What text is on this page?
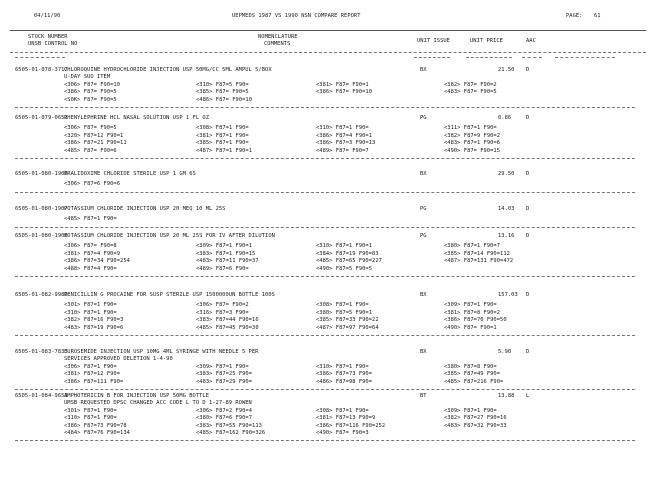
04/11/90	UEPMEDS 1987 VS 1990 NSN COMPARE REPORT	PAGE: 61
STOCK NUMBER
UNSB CONTROL NO
NOMENCLATURE
COMMENTS	UNIT ISSUE	UNIT PRICE	AAC
6505-01-078-3717
CHLOROQUINE HYDROCHLORIDE INJECTION USP 50MG/CC 5ML AMPUL 5/BOX	BX	21.50 D
U-DAY SUO ITEM
<306> F87= F90=10	<310> F87=5 F90=	<381> F87= F90=1	<382> F87= F90=2
<386> F87= F90=5	<385> F87= F90=5	<386> F87= F90=10	<483> F87= F90=5
<S0K> F87= F90=5	<486> F87= F90=10
6505-01-079-0651
PHENYLEPHRINE HCL NASAL SOLUTION USP 1 FL OZ	PG	0.86	D
<306> F87= F90=5	<308> F87=1 F90=	<310> F87=1 F90=	<311> F87=1 F90=
<320> F87=12 F90=1	<381> F87=1 F90=	<386> F87=4 F90=1	<382> F87=9 F90=2
<386> F87=21 F90=11	<385> F87=1 F90=	<386> F87=3 F90=13	<483> F87=1 F90=6
<485> F87= F90=6	<487> F87=1 F90=1	<489> F87= F90=7	<490> F87= F90=15
6505-01-080-1906
PRALIDOXIME CHLORIDE STERILE USP 1 GM 6S	BX	29.50 D
<306> F87=6 F90=6
6505-01-080-1907
POTASSIUM CHLORIDE INJECTION USP 20 MEQ 10 ML 25S	PG	14.03 D
<485> F87=1 F90=
6505-01-080-1908
POTASSIUM CHLORIDE INJECTION USP 20 ML 25S FOR IV AFTER DILUTION	PG	13.16 D
<306> F87= F90=8	<309> F87=1 F90=1	<310> F87=1 F90=1	<380> F87=1 F90=7
<381> F87=4 F90=9	<383> F87=1 F90=15	<384> F87=19 F90=83	<385> F87=14 F90=112
<386> F87=34 F90=254	<483> F87=11 F90=37	<485> F87=65 F90=227	<487> F87=131 F90=472
<488> F87=4 F90=	<489> F87=6 F90=	<490> F87=5 F90=5
6505-01-082-9980
PENICILLIN G PROCAINE FOR SUSP STERILE USP 1500000UN BOTTLE 100S	BX	157.03 D
<301> F87=1 F90=	<306> F87= F90=2	<308> F87=1 F90=	<309> F87=1 F90=
<310> F87=1 F90=	<316> F87=3 F90=	<380> F87=5 F90=1	<381> F87=8 F90=2
<382> F87=16 F90=3	<383> F87=44 F90=16	<385> F87=33 F90=22	<386> F87=70 F90=50
<483> F87=19 F90=6	<485> F87=45 F90=30	<487> F87=97 F90=64	<490> F87= F90=1
6505-01-083-7833
FUROSEMIDE INJECTION USP 10MG 4ML SYRINGE WITH NEEDLE 5 PER	BX	5.90	D
SERVICES APPROVED DELETION 1-4-90
<306> F87=1 F90=	<309> F87=1 F90=	<310> F87=1 F90=	<380> F87=8 F90=
<381> F87=12 F90=	<383> F87=25 F90=	<386> F87=73 F90=	<385> F87=49 F90=
<386> F87=111 F90=	<483> F87=29 F90=	<486> F87=98 F90=	<485> F87=216 F90=
6505-01-084-9653
AMPHOTERICIN B FOR INJECTION USP 50MG BOTTLE	BT	13.88 L
UMSB REQUESTED DPSC CHANGED ACC CODE L TO D 1-27-89 ROWEN
<301> F87=1 F90=	<306> F87=2 F90=4	<308> F87=1 F90=	<309> F87=1 F90=
<310> F87=1 F90=	<380> F87=6 F90=7	<381> F87=13 F90=9	<382> F87=27 F90=16
<386> F87=73 F90=78	<383> F87=55 F90=113	<386> F87=116 F90=252	<483> F87=32 F90=33
<484> F87=76 F90=134	<485> F87=162 F90=326	<490> F87= F90=3
